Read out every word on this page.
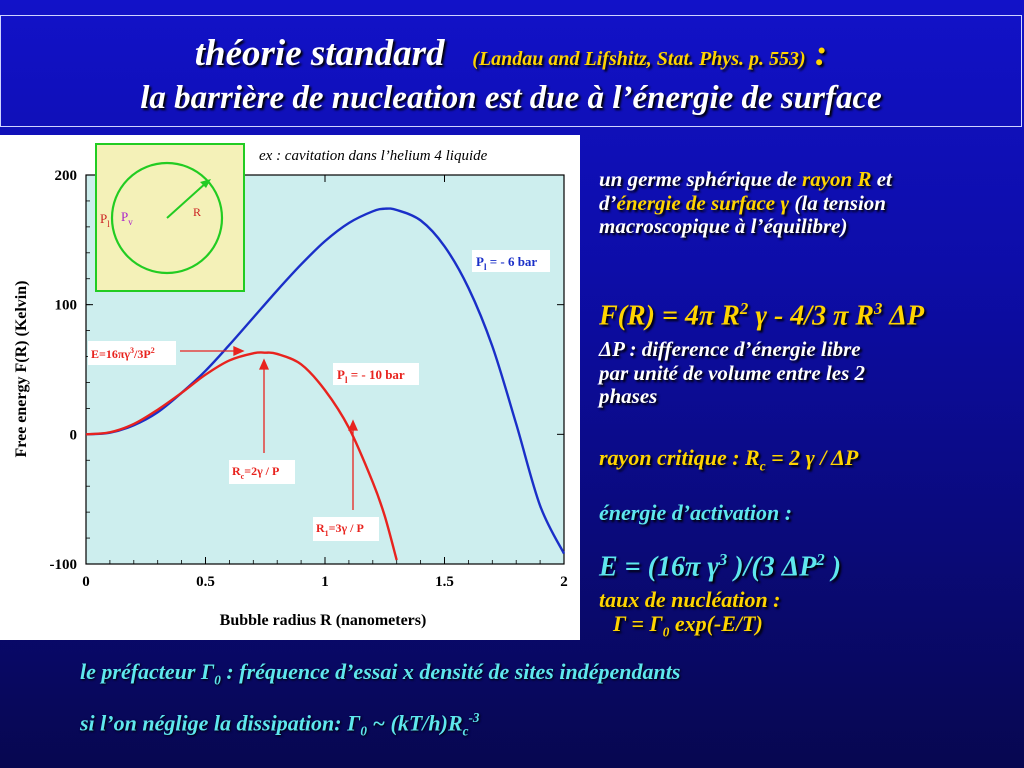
théorie standard (Landau and Lifshitz, Stat. Phys. p. 553) :
la barrière de nucleation est due à l’énergie de surface
0	0.5	1	1.5	2
200
100
0
-100
R
$P_l$ $P_v$
ex : cavitation dans l’helium 4 liquide
Bubble radius R (nanometers)
Free energy F(R) (Kelvin)
$P_l$ = - 6 bar
$P_l$ = - 10 bar
$E=16\pi\gamma^3/3P^2$
$R_c=2\gamma / P$
$R_1=3\gamma / P$
un germe sphérique de rayon R et
d’énergie de surface γ (la tension
macroscopique à l’équilibre)
F(R) = 4π $R^2$ γ - 4/3 π $R^3$ ΔP
ΔP : difference d’énergie libre
par unité de volume entre les 2
phases
rayon critique : $R_c = 2$ γ / ΔP
énergie d’activation :
E = (16π $\gamma^3$ )/(3 $\Delta P^2$ )
taux de nucléation :
$\Gamma = \Gamma_0$ exp(-E/T)
le préfacteur $\Gamma_0$ : fréquence d’essai x densité de sites indépendants
si l’on néglige la dissipation: $\Gamma_0$ ~ $(kT/h)R_c^{-3}$
